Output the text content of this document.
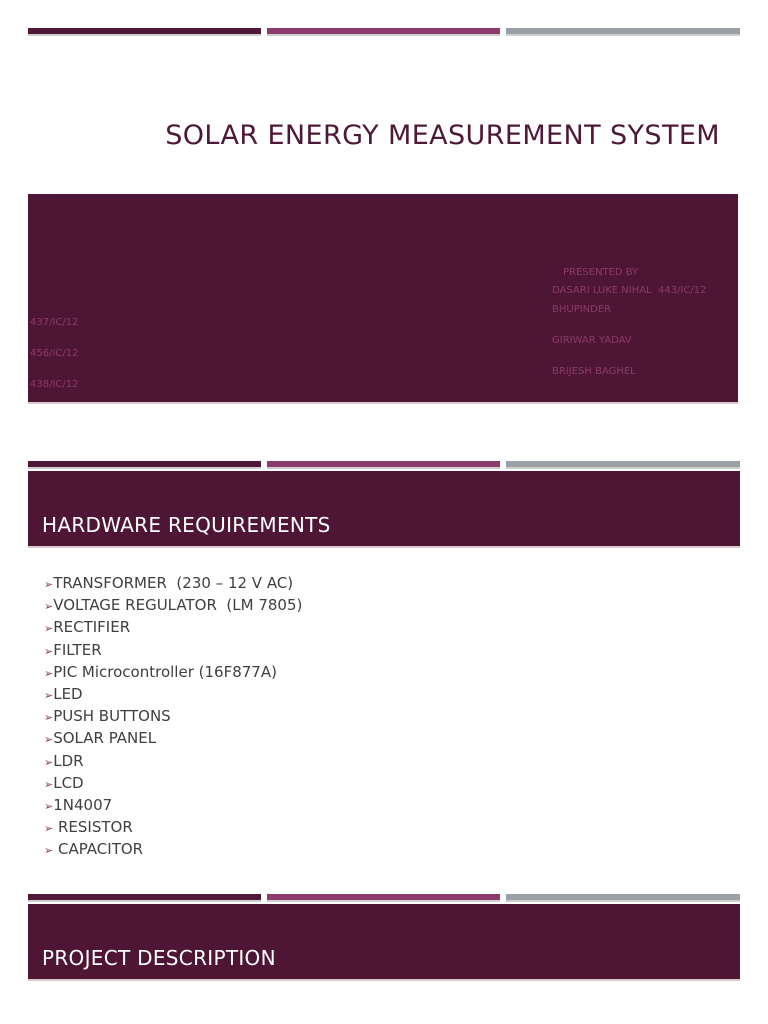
SOLAR ENERGY MEASUREMENT SYSTEM
PRESENTED BY
DASARI LUKE NIHAL  443/IC/12
BHUPINDER
GIRIWAR YADAV
BRIJESH BAGHEL
437/IC/12
456/IC/12
438/IC/12
HARDWARE REQUIREMENTS
➢TRANSFORMER  (230 – 12 V AC)
➢VOLTAGE REGULATOR  (LM 7805)
➢RECTIFIER
➢FILTER
➢PIC Microcontroller (16F877A)
➢LED
➢PUSH BUTTONS
➢SOLAR PANEL
➢LDR
➢LCD
➢1N4007
➢ RESISTOR
➢ CAPACITOR
PROJECT DESCRIPTION
